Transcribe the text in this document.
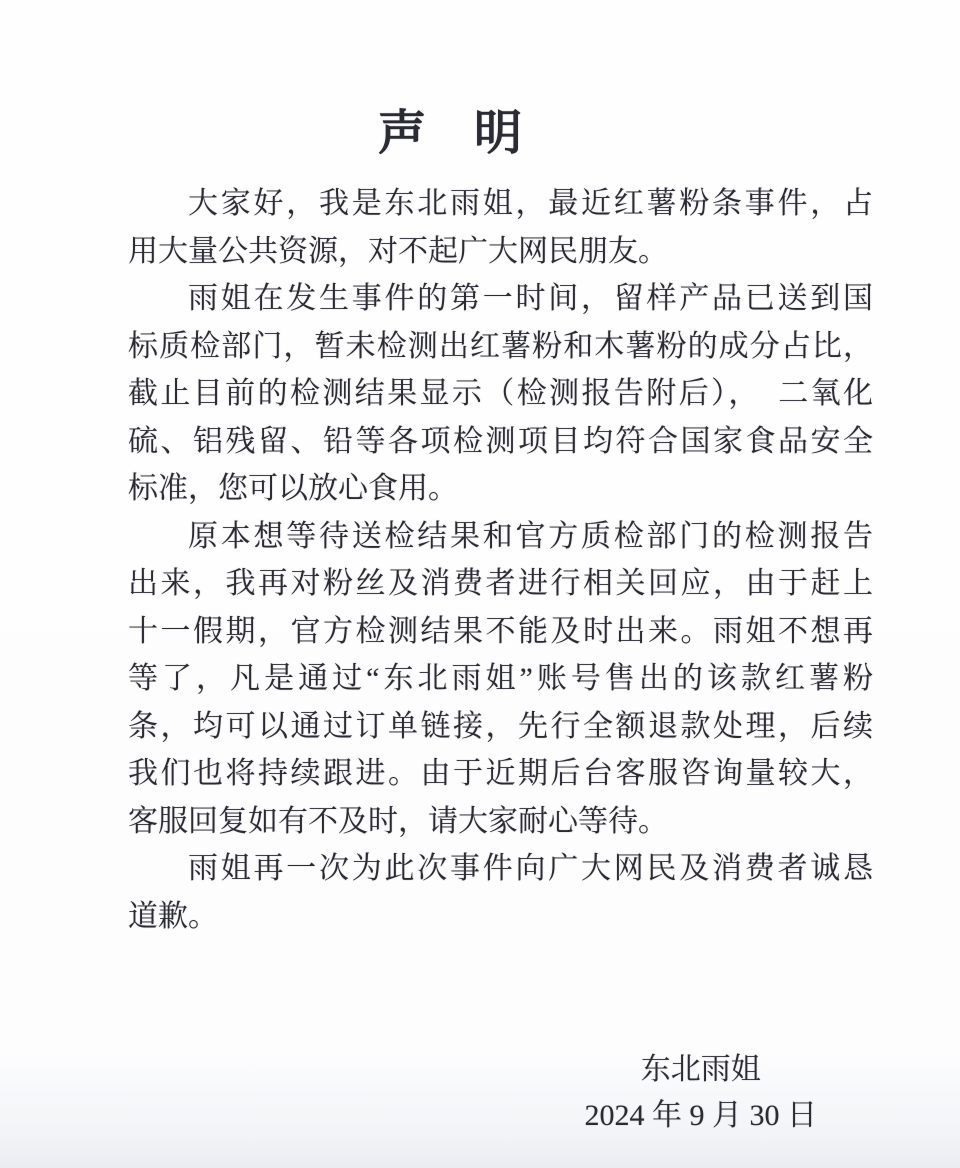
声　明
大家好，我是东北雨姐，最近红薯粉条事件，占
用大量公共资源，对不起广大网民朋友。
雨姐在发生事件的第一时间，留样产品已送到国
标质检部门，暂未检测出红薯粉和木薯粉的成分占比，
截止目前的检测结果显示（检测报告附后），　二氧化
硫、铝残留、铅等各项检测项目均符合国家食品安全
标准，您可以放心食用。
原本想等待送检结果和官方质检部门的检测报告
出来，我再对粉丝及消费者进行相关回应，由于赶上
十一假期，官方检测结果不能及时出来。雨姐不想再
等了，凡是通过“东北雨姐”账号售出的该款红薯粉
条，均可以通过订单链接，先行全额退款处理，后续
我们也将持续跟进。由于近期后台客服咨询量较大，
客服回复如有不及时，请大家耐心等待。
雨姐再一次为此次事件向广大网民及消费者诚恳
道歉。
东北雨姐
2024 年 9 月 30 日
